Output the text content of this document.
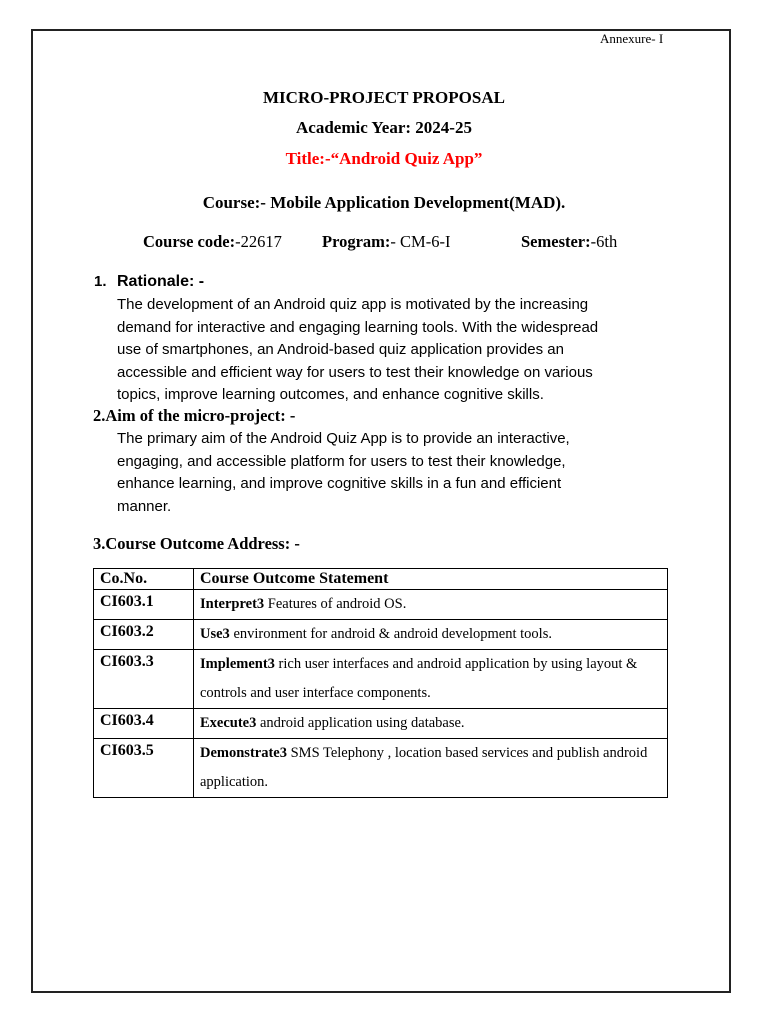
Annexure- I
MICRO-PROJECT PROPOSAL
Academic Year: 2024-25
Title:-“Android Quiz App”
Course:- Mobile Application Development(MAD).
Course code:-22617 Program:- CM-6-I	Semester:-6th
1. Rationale: -
The development of an Android quiz app is motivated by the increasing
demand for interactive and engaging learning tools. With the widespread
use of smartphones, an Android-based quiz application provides an
accessible and efficient way for users to test their knowledge on various
topics, improve learning outcomes, and enhance cognitive skills.
2.Aim of the micro-project: -
The primary aim of the Android Quiz App is to provide an interactive,
engaging, and accessible platform for users to test their knowledge,
enhance learning, and improve cognitive skills in a fun and efficient
manner.
3.Course Outcome Address: -
Co.No.	Course Outcome Statement
CI603.1	Interpret3 Features of android OS.
CI603.2	Use3 environment for android & android development tools.
CI603.3	Implement3 rich user interfaces and android application by using layout & controls and user interface components.
CI603.4	Execute3 android application using database.
CI603.5	Demonstrate3 SMS Telephony , location based services and publish android application.
